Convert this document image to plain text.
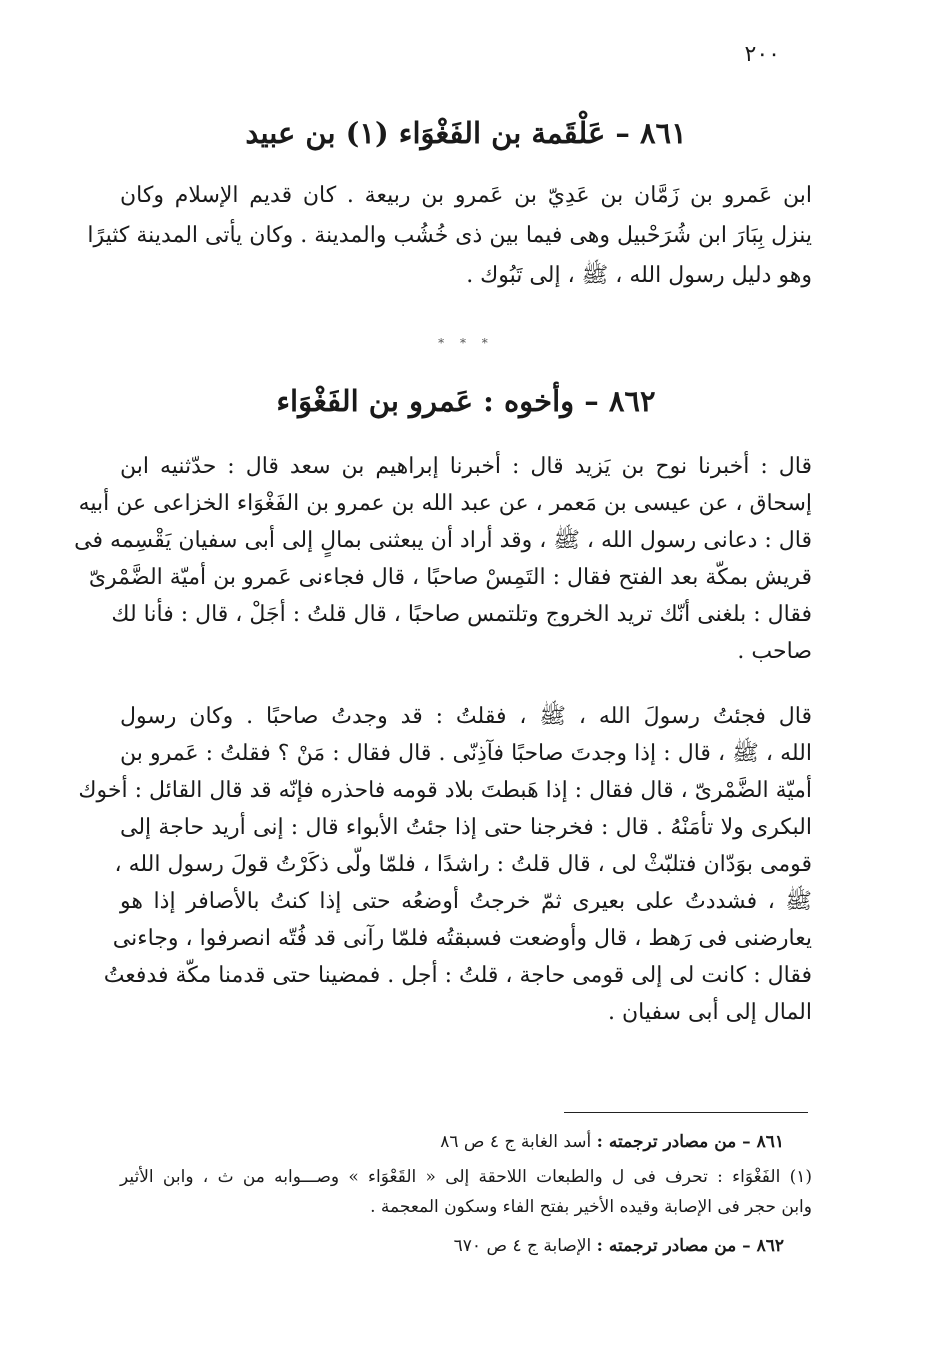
٢٠٠
٨٦١ – عَلْقَمة بن الفَغْوَاء (١) بن عبيد
ابن عَمرو بن زَمَّان بن عَدِيّ بن عَمرو بن ربيعة . كان قديم الإسلام وكان
ينزل بِبَارَ ابن شُرَحْبيل وهى فيما بين ذى خُشُب والمدينة . وكان يأتى المدينة كثيرًا
وهو دليل رسول الله ، ﷺ ، إلى تَبُوك .
* * *
٨٦٢ – وأخوه : عَمرو بن الفَغْوَاء
قال : أخبرنا نوح بن يَزيد قال : أخبرنا إبراهيم بن سعد قال : حدّثنيه ابن
إسحاق ، عن عيسى بن مَعمر ، عن عبد الله بن عمرو بن الفَغْوَاء الخزاعى عن أبيه
قال : دعانى رسول الله ، ﷺ ، وقد أراد أن يبعثنى بمالٍ إلى أبى سفيان يَقْسِمه فى
قريش بمكّة بعد الفتح فقال : التَمِسْ صاحبًا ، قال فجاءنى عَمرو بن أميّة الضَّمْرىّ
فقال : بلغنى أنّك تريد الخروج وتلتمس صاحبًا ، قال قلتُ : أجَلْ ، قال : فأنا لك
صاحب .
قال فجئتُ رسولَ الله ، ﷺ ، فقلتُ : قد وجدتُ صاحبًا . وكان رسول
الله ، ﷺ ، قال : إذا وجدتَ صاحبًا فآذِنّى . قال فقال : مَنْ ؟ فقلتُ : عَمرو بن
أميّة الضَّمْرىّ ، قال فقال : إذا هَبطتَ بلاد قومه فاحذره فإنّه قد قال القائل : أخوك
البكرى ولا تأمَنْهُ . قال : فخرجنا حتى إذا جئتُ الأبواء قال : إنى أريد حاجة إلى
قومى بوَدّان فتلبّثْ لى ، قال قلتُ : راشدًا ، فلمّا ولّى ذكَرْتُ قولَ رسول الله ،
ﷺ ، فشددتُ على بعيرى ثمّ خرجتُ أوضعُه حتى إذا كنتُ بالأصافر إذا هو
يعارضنى فى رَهط ، قال وأوضعت فسبقتُه فلمّا رآنى قد فُتّه انصرفوا ، وجاءنى
فقال : كانت لى إلى قومى حاجة ، قلتُ : أجل . فمضينا حتى قدمنا مكّة فدفعتُ
المال إلى أبى سفيان .
٨٦١ – من مصادر ترجمته : أسد الغابة ج ٤ ص ٨٦
(١) الفَغْوَاء : تحرف فى ل والطبعات اللاحقة إلى « القَعْوَاء » وصـــوابه من ث ، وابن الأثير
وابن حجر فى الإصابة وقيده الأخير بفتح الفاء وسكون المعجمة .
٨٦٢ – من مصادر ترجمته : الإصابة ج ٤ ص ٦٧٠
